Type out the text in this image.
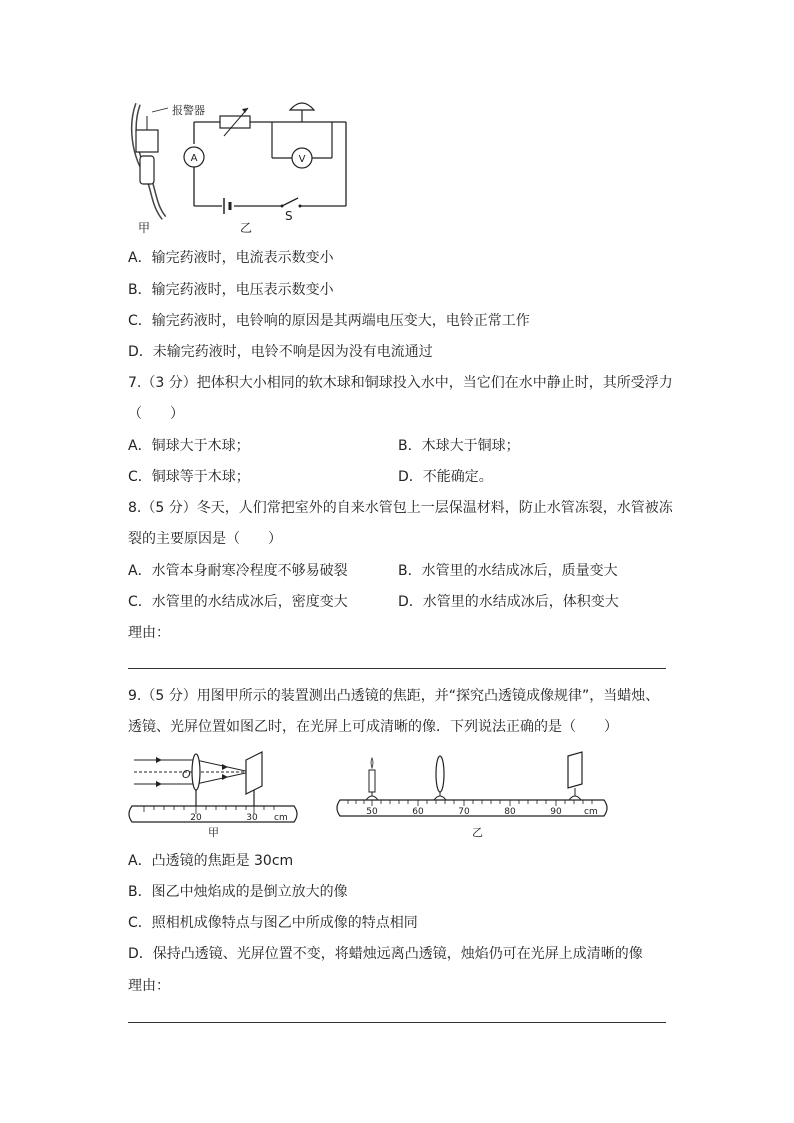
报警器
甲
S
乙
A	V
A．输完药液时，电流表示数变小
B．输完药液时，电压表示数变小
C．输完药液时，电铃响的原因是其两端电压变大，电铃正常工作
D．未输完药液时，电铃不响是因为没有电流通过
7.（3 分）把体积大小相同的软木球和铜球投入水中，当它们在水中静止时，其所受浮力
（　　）
A．铜球大于木球；	B．木球大于铜球；
C．铜球等于木球；	D．不能确定。
8.（5 分）冬天，人们常把室外的自来水管包上一层保温材料，防止水管冻裂，水管被冻
裂的主要原因是（　　）
A．水管本身耐寒冷程度不够易破裂	B．水管里的水结成冰后，质量变大
C．水管里的水结成冰后，密度变大	D．水管里的水结成冰后，体积变大
理由：
9.（5 分）用图甲所示的装置测出凸透镜的焦距，并“探究凸透镜成像规律”，当蜡烛、
透镜、光屏位置如图乙时，在光屏上可成清晰的像．下列说法正确的是（　　）
O
20	30 cm
甲
50	60	70	80	90 cm
乙
A．凸透镜的焦距是 30cm
B．图乙中烛焰成的是倒立放大的像
C．照相机成像特点与图乙中所成像的特点相同
D．保持凸透镜、光屏位置不变，将蜡烛远离凸透镜，烛焰仍可在光屏上成清晰的像
理由：
